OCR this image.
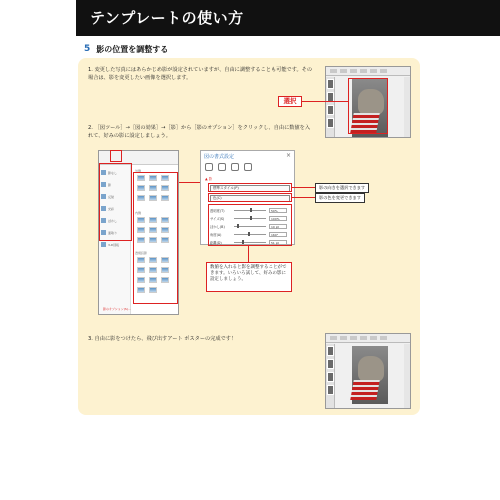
テンプレートの使い方
5 影の位置を調整する
1. 変更した写真にはあらかじめ影が設定されていますが、自由に調整することも可能です。その場合は、影を変更したい画像を選択します。
2. ［図ツール］→［図の効果］→［影］から［影のオプション］をクリックし、自由に数値を入れて、好みの影に設定しましょう。
3. 自由に影をつけたら、飛び出すアート ポスターの完成です！
選択
影なし
影
反射
光彩
ぼかし
面取り
3-D回転
外側
内側
透視投影
影のオプション(S)...
図の書式設定	×
▲ 影
標準スタイル(P)
色(C)
透明度(T)	50%
サイズ(S)	100%
ぼかし(B)	10 pt
角度(A)	160°
距離(D)	51 pt
影の向きを選択できます
影の色を変更できます
数値を入れると影を調整することができます。いろいろ試して、好みの影に設定しましょう。
